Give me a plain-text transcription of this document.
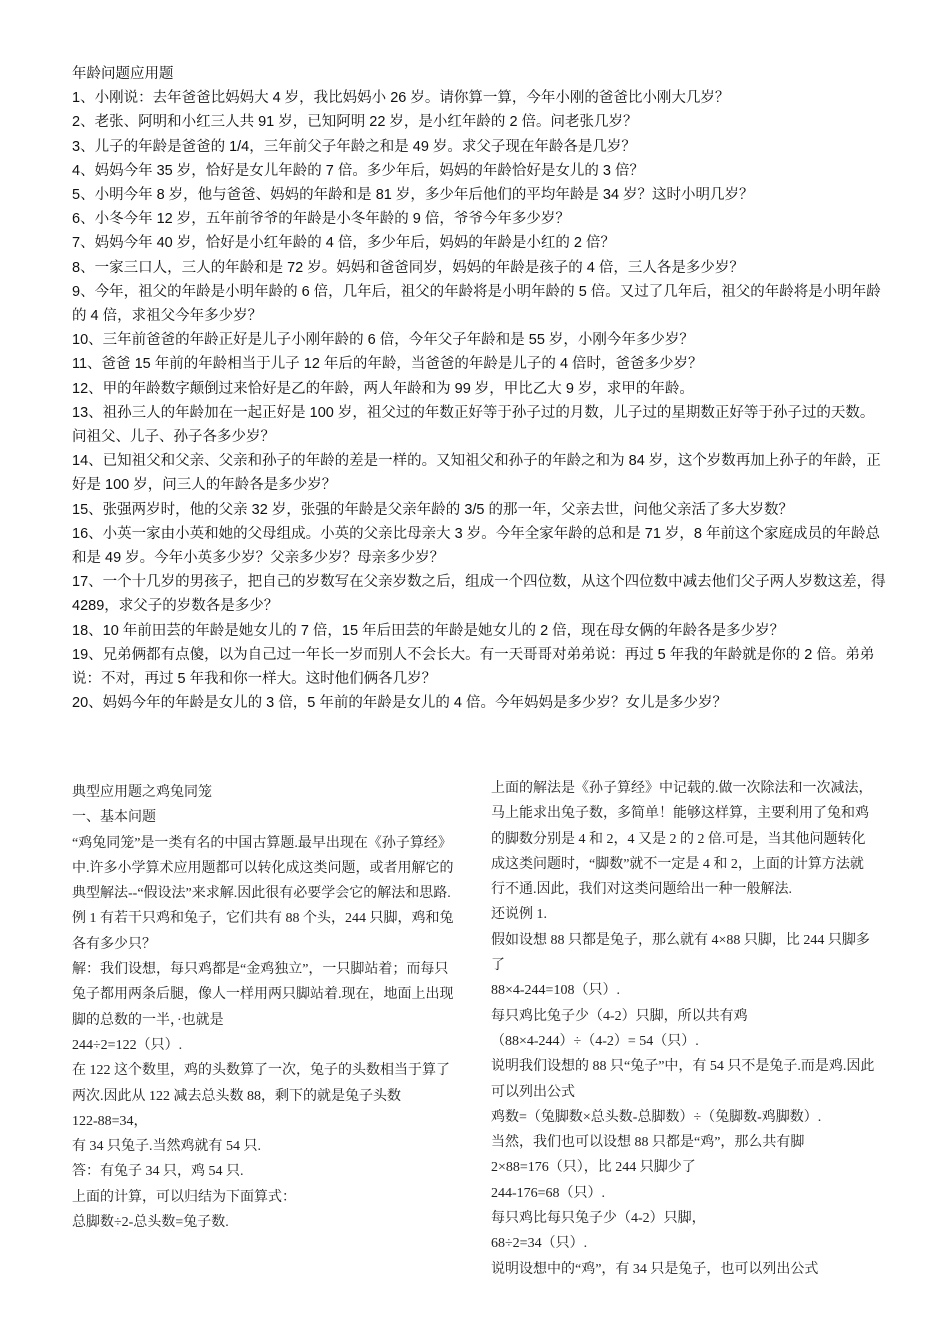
年龄问题应用题

1、小刚说：去年爸爸比妈妈大 4 岁，我比妈妈小 26 岁。请你算一算，今年小刚的爸爸比小刚大几岁？

2、老张、阿明和小红三人共 91 岁，已知阿明 22 岁，是小红年龄的 2 倍。问老张几岁？

3、儿子的年龄是爸爸的 1/4，三年前父子年龄之和是 49 岁。求父子现在年龄各是几岁？

4、妈妈今年 35 岁，恰好是女儿年龄的 7 倍。多少年后，妈妈的年龄恰好是女儿的 3 倍？

5、小明今年 8 岁，他与爸爸、妈妈的年龄和是 81 岁，多少年后他们的平均年龄是 34 岁？这时小明几岁？

6、小冬今年 12 岁，五年前爷爷的年龄是小冬年龄的 9 倍，爷爷今年多少岁？

7、妈妈今年 40 岁，恰好是小红年龄的 4 倍，多少年后，妈妈的年龄是小红的 2 倍？

8、一家三口人，三人的年龄和是 72 岁。妈妈和爸爸同岁，妈妈的年龄是孩子的 4 倍，三人各是多少岁？

9、今年，祖父的年龄是小明年龄的 6 倍，几年后，祖父的年龄将是小明年龄的 5 倍。又过了几年后，祖父的年龄将是小明年龄的 4 倍，求祖父今年多少岁？

10、三年前爸爸的年龄正好是儿子小刚年龄的 6 倍，今年父子年龄和是 55 岁，小刚今年多少岁？

11、爸爸 15 年前的年龄相当于儿子 12 年后的年龄，当爸爸的年龄是儿子的 4 倍时，爸爸多少岁？

12、甲的年龄数字颠倒过来恰好是乙的年龄，两人年龄和为 99 岁，甲比乙大 9 岁，求甲的年龄。

13、祖孙三人的年龄加在一起正好是 100 岁，祖父过的年数正好等于孙子过的月数，儿子过的星期数正好等于孙子过的天数。问祖父、儿子、孙子各多少岁？

14、已知祖父和父亲、父亲和孙子的年龄的差是一样的。又知祖父和孙子的年龄之和为 84 岁，这个岁数再加上孙子的年龄，正好是 100 岁，问三人的年龄各是多少岁？

15、张强两岁时，他的父亲 32 岁，张强的年龄是父亲年龄的 3/5 的那一年，父亲去世，问他父亲活了多大岁数？

16、小英一家由小英和她的父母组成。小英的父亲比母亲大 3 岁。今年全家年龄的总和是 71 岁，8 年前这个家庭成员的年龄总和是 49 岁。今年小英多少岁？父亲多少岁？母亲多少岁？

17、一个十几岁的男孩子，把自己的岁数写在父亲岁数之后，组成一个四位数，从这个四位数中减去他们父子两人岁数这差，得 4289，求父子的岁数各是多少？

18、10 年前田芸的年龄是她女儿的 7 倍，15 年后田芸的年龄是她女儿的 2 倍，现在母女俩的年龄各是多少岁？

19、兄弟俩都有点傻，以为自己过一年长一岁而别人不会长大。有一天哥哥对弟弟说：再过 5 年我的年龄就是你的 2 倍。弟弟说：不对，再过 5 年我和你一样大。这时他们俩各几岁？

20、妈妈今年的年龄是女儿的 3 倍，5 年前的年龄是女儿的 4 倍。今年妈妈是多少岁？女儿是多少岁？

典型应用题之鸡兔同笼

一、基本问题

“鸡兔同笼”是一类有名的中国古算题.最早出现在《孙子算经》中.许多小学算术应用题都可以转化成这类问题，或者用解它的典型解法--“假设法”来求解.因此很有必要学会它的解法和思路.

例 1 有若干只鸡和兔子，它们共有 88 个头，244 只脚，鸡和兔各有多少只？

解：我们设想，每只鸡都是“金鸡独立”，一只脚站着；而每只兔子都用两条后腿，像人一样用两只脚站着.现在，地面上出现脚的总数的一半，·也就是

244÷2=122（只）.

在 122 这个数里，鸡的头数算了一次，兔子的头数相当于算了两次.因此从 122 减去总头数 88，剩下的就是兔子头数

122-88=34，

有 34 只兔子.当然鸡就有 54 只.

答：有兔子 34 只，鸡 54 只.

上面的计算，可以归结为下面算式：

总脚数÷2-总头数=兔子数.

上面的解法是《孙子算经》中记载的.做一次除法和一次减法，马上能求出兔子数，多简单！能够这样算，主要利用了兔和鸡的脚数分别是 4 和 2，4 又是 2 的 2 倍.可是，当其他问题转化成这类问题时，“脚数”就不一定是 4 和 2，上面的计算方法就行不通.因此，我们对这类问题给出一种一般解法.

还说例 1.

假如设想 88 只都是兔子，那么就有 4×88 只脚，比 244 只脚多了

88×4-244=108（只）.

每只鸡比兔子少（4-2）只脚，所以共有鸡

（88×4-244）÷（4-2）= 54（只）.

说明我们设想的 88 只“兔子”中，有 54 只不是兔子.而是鸡.因此可以列出公式

鸡数=（兔脚数×总头数-总脚数）÷（兔脚数-鸡脚数）.

当然，我们也可以设想 88 只都是“鸡”，那么共有脚

2×88=176（只），比 244 只脚少了

244-176=68（只）.

每只鸡比每只兔子少（4-2）只脚，

68÷2=34（只）.

说明设想中的“鸡”，有 34 只是兔子，也可以列出公式
